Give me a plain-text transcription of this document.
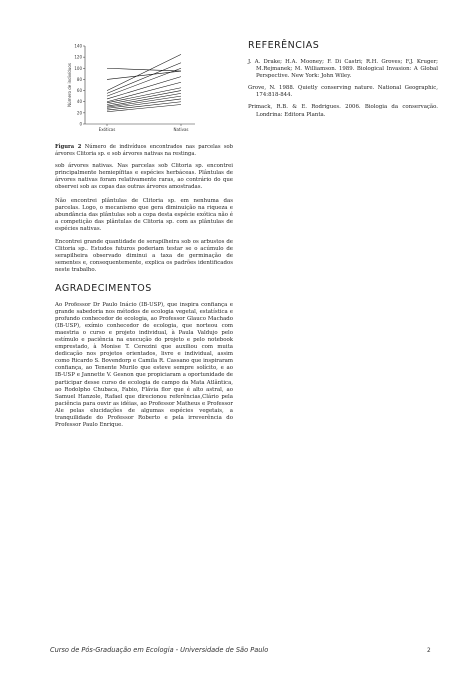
0
20
40
60
80
100
120
140
Exóticas	Nativas
Número de indivíduos
Figura 2 Número de indivíduos encontrados nas parcelas sob árvores Clitoria sp. e sob árvores nativas na restinga.

sob árvores nativas. Nas parcelas sob Clitoria sp. encontrei principalmente hemiepífitas e espécies herbáceas. Plântulas de árvores nativas foram relativamente raras, ao contrário do que observei sob as copas das outras árvores amostradas.

Não encontrei plântulas de Clitoria sp. em nenhuma das parcelas. Logo, o mecanismo que gera diminuição na riqueza e abundância das plântulas sob a copa desta espécie exótica não é a competição das plântulas de Clitoria sp. com as plântulas de espécies nativas.

Encontrei grande quantidade de serapilheira sob os arbustos de Clitoria sp.. Estudos futuros poderiam testar se o acúmulo de serapilheira observado diminui a taxa de germinação de sementes e, consequentemente, explica os padrões identificados neste trabalho.

AGRADECIMENTOS

Ao Professor Dr Paulo Inácio (IB-USP), que inspira confiança e grande sabedoria nos métodos de ecologia vegetal, estatística e profundo conhecedor de ecologia, ao Professor Glauco Machado (IB-USP), exímio conhecedor de ecologia, que norteou com maestria o curso e projeto individual, à Paula Valdujo pelo estímulo e paciência na execução do projeto e pelo notebook emprestado, à Monise T. Cerezini que auxiliou com muita dedicação nos projetos orientados, livre e individual, assim como Ricardo S. Bovendorp e Camila R. Cassano que inspiraram confiança, ao Tenente Murilo que esteve sempre solícito, e ao IB-USP e Jannette V. Gesnon que propiciaram a oportunidade de participar desse curso de ecologia de campo da Mata Atlântica, ao Rodolpho Chubaca, Fabio, Flávia flor que é alto astral, ao Samuel Hanzole, Rafael que direcionou referências,Clário pela paciência para ouvir as idéias, ao Professor Matheus e Professor Ale pelas elucidações de algumas espécies vegetais, a tranquilidade do Professor Roberto e pela irreverência do Professor Paulo Enrique.

REFERÊNCIAS

J. A. Drake; H.A. Mooney; F. Di Castri; R.H. Groves; F.J. Kruger; M.Rejmanek; M. Williamson. 1989. Biological Invasion: A Global Perspective. New York: John Wiley.

Grove, N. 1988. Quietly conserving nature. National Geographic, 174:818-844.

Primack, R.B. & E. Rodrigues. 2006. Biologia da conservação. Londrina: Editora Planta.

Curso de Pós-Graduação em Ecologia - Universidade de São Paulo	2
